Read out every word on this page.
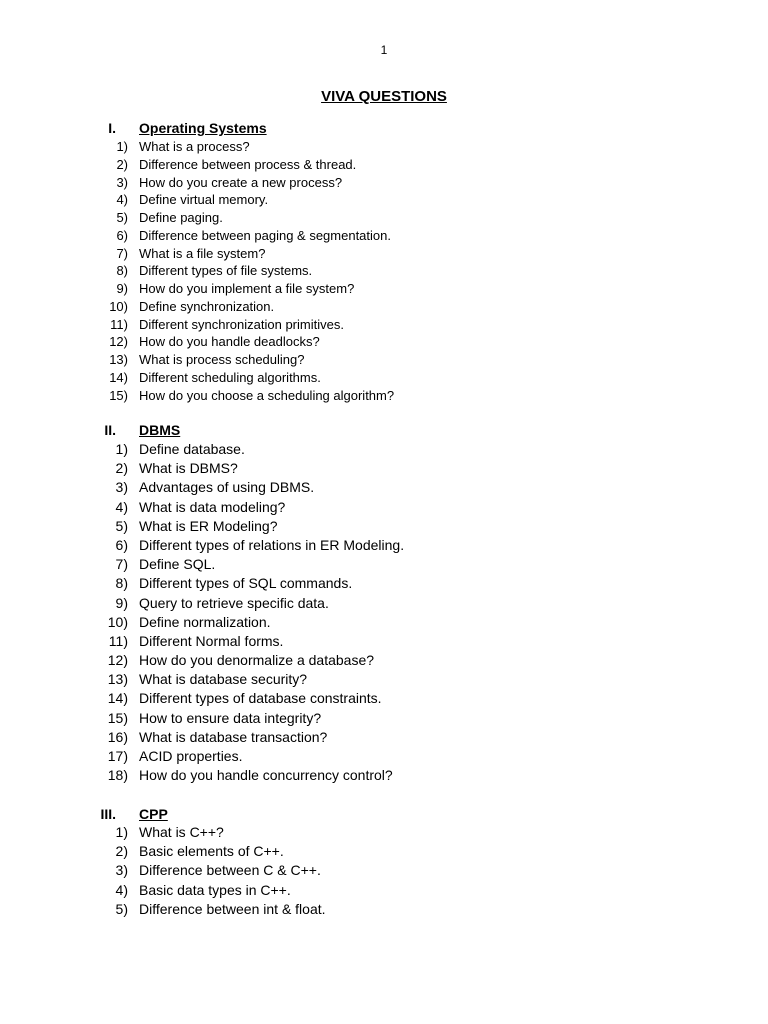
1
VIVA QUESTIONS
I. Operating Systems
1) What is a process?
2) Difference between process & thread.
3) How do you create a new process?
4) Define virtual memory.
5) Define paging.
6) Difference between paging & segmentation.
7) What is a file system?
8) Different types of file systems.
9) How do you implement a file system?
10) Define synchronization.
11) Different synchronization primitives.
12) How do you handle deadlocks?
13) What is process scheduling?
14) Different scheduling algorithms.
15) How do you choose a scheduling algorithm?
II. DBMS
1) Define database.
2) What is DBMS?
3) Advantages of using DBMS.
4) What is data modeling?
5) What is ER Modeling?
6) Different types of relations in ER Modeling.
7) Define SQL.
8) Different types of SQL commands.
9) Query to retrieve specific data.
10) Define normalization.
11) Different Normal forms.
12) How do you denormalize a database?
13) What is database security?
14) Different types of database constraints.
15) How to ensure data integrity?
16) What is database transaction?
17) ACID properties.
18) How do you handle concurrency control?
III. CPP
1) What is C++?
2) Basic elements of C++.
3) Difference between C & C++.
4) Basic data types in C++.
5) Difference between int & float.
